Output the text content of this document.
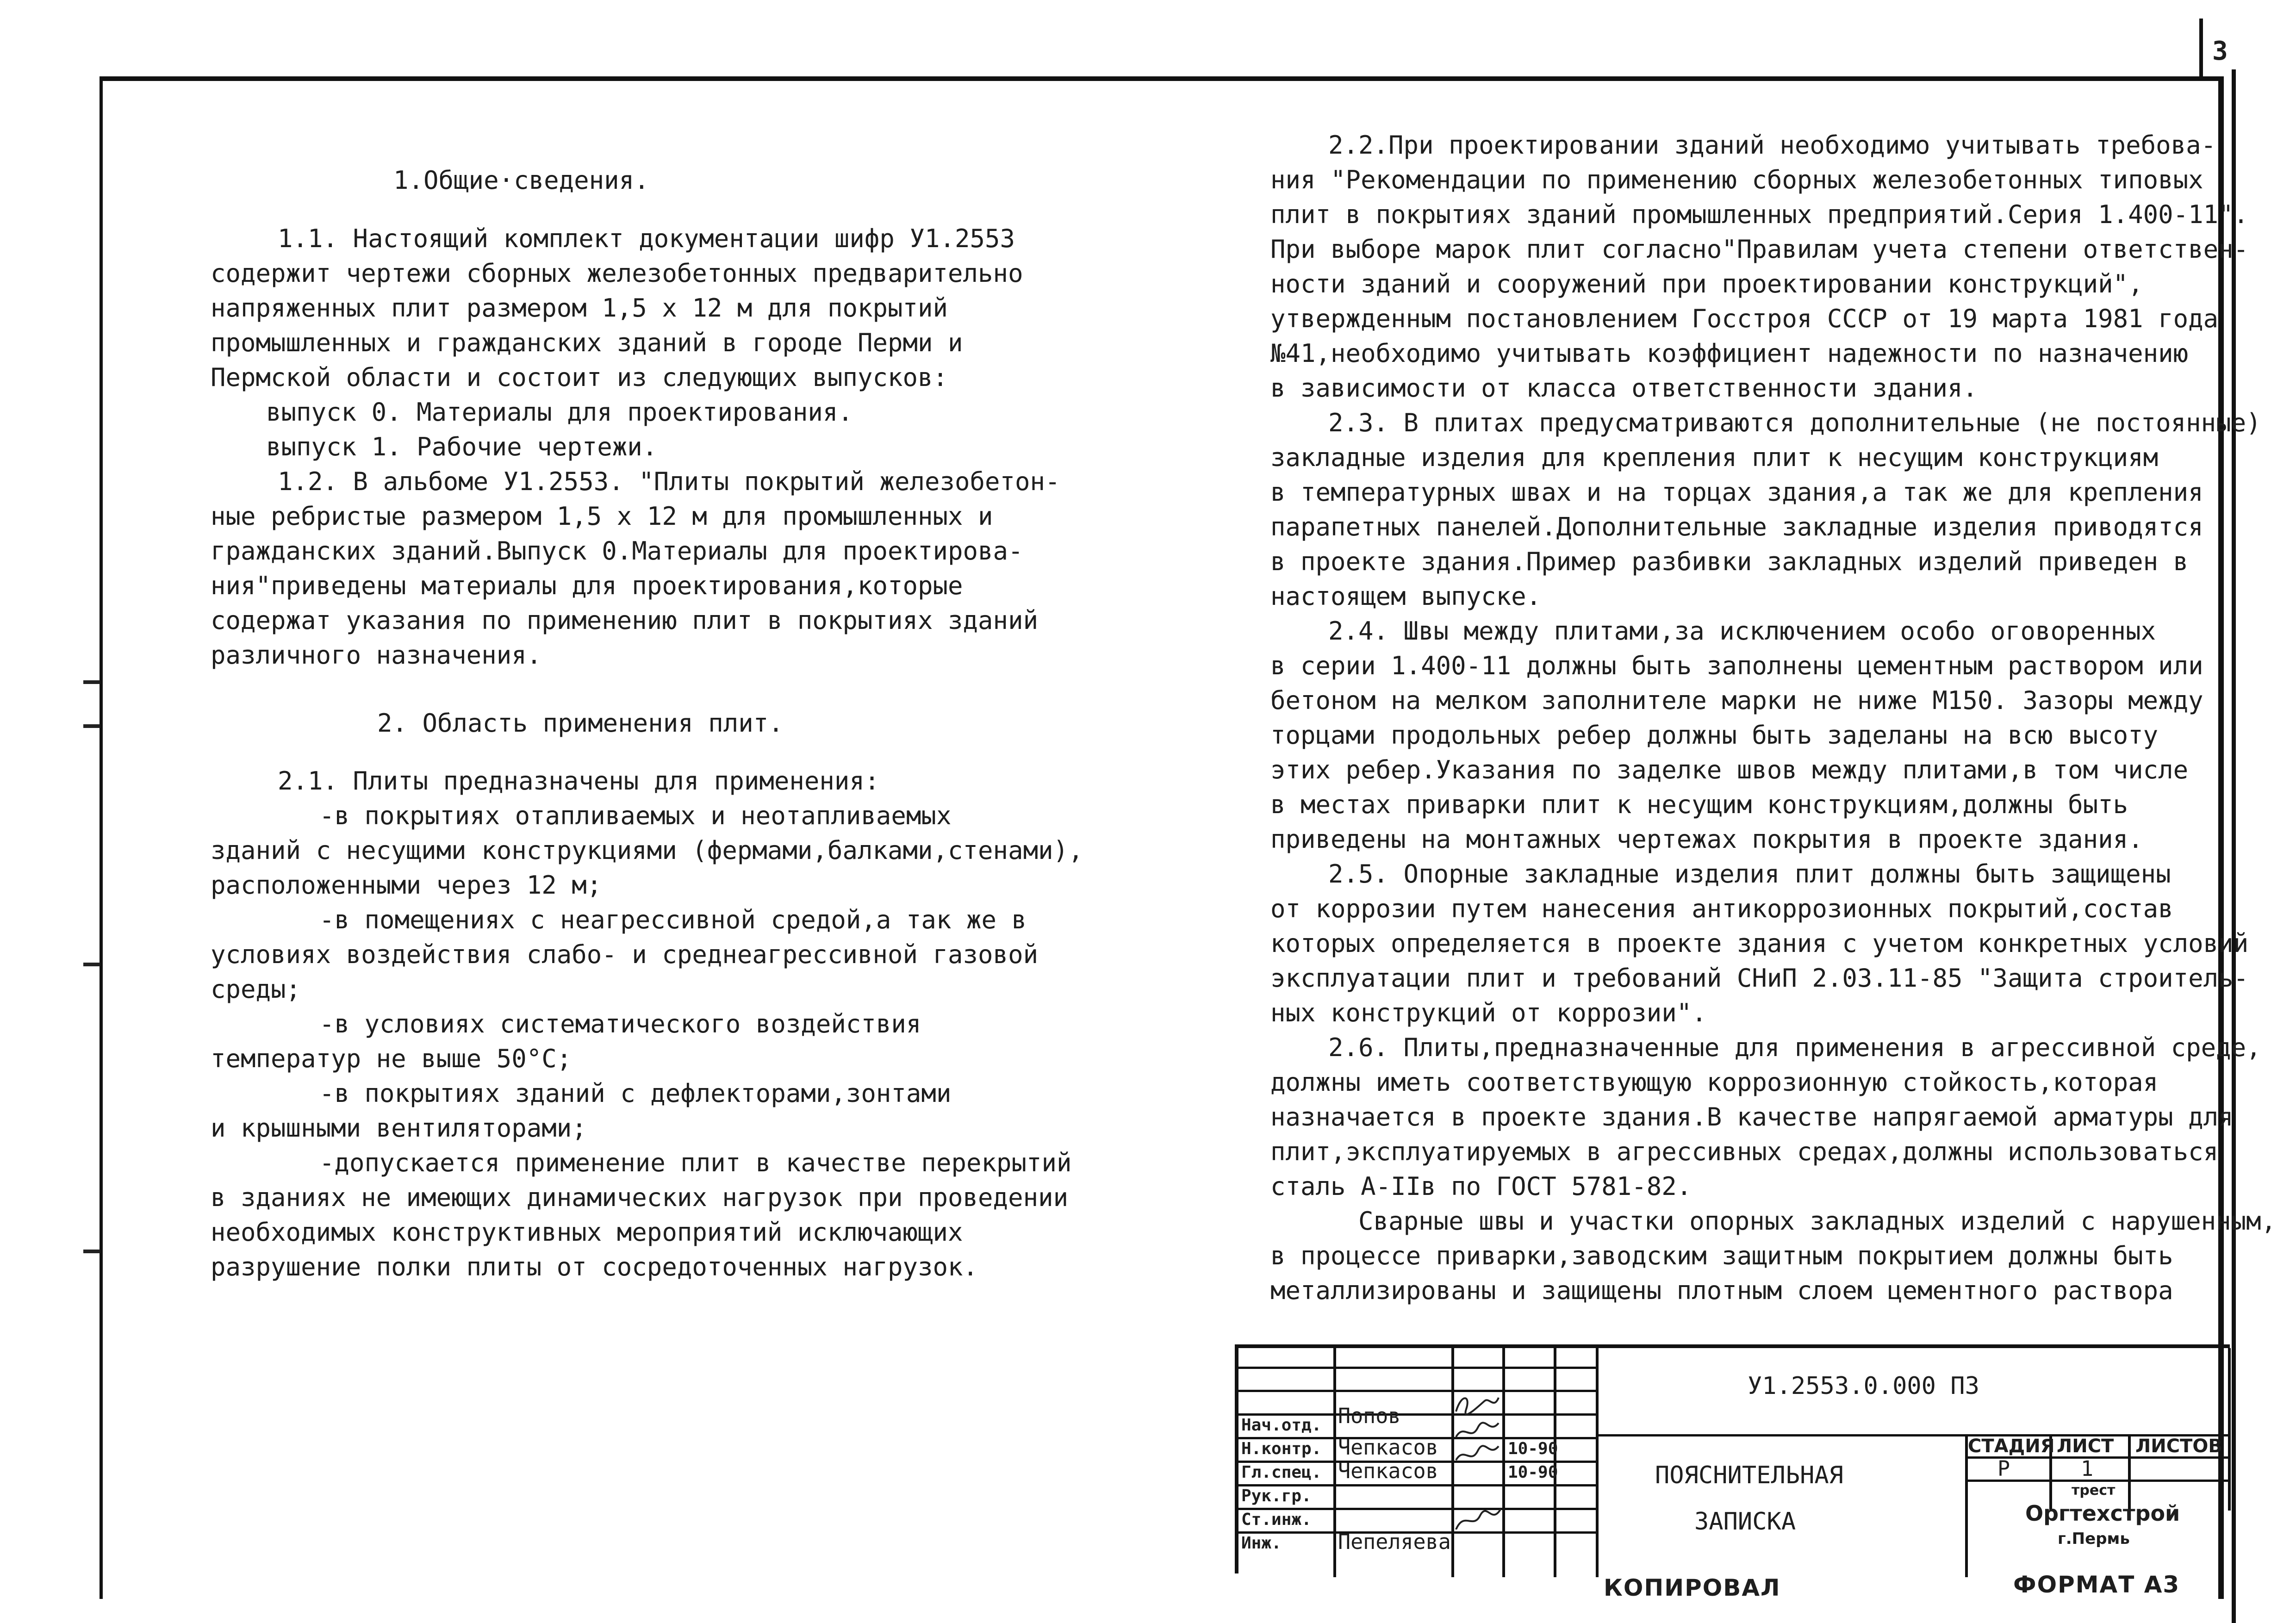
3
1.Общие·сведения.
1.1. Настоящий комплект документации шифр У1.2553
содержит чертежи сборных железобетонных предварительно
напряженных плит размером 1,5 х 12 м для покрытий
промышленных и гражданских зданий в городе Перми и
Пермской области и состоит из следующих выпусков:
выпуск 0. Материалы для проектирования.
выпуск 1. Рабочие чертежи.
1.2. В альбоме У1.2553. "Плиты покрытий железобетон-
ные ребристые размером 1,5 х 12 м для промышленных и
гражданских зданий.Выпуск 0.Материалы для проектирова-
ния"приведены материалы для проектирования,которые
содержат указания по применению плит в покрытиях зданий
различного назначения.
2. Область применения плит.
2.1. Плиты предназначены для применения:
-в покрытиях отапливаемых и неотапливаемых
зданий с несущими конструкциями (фермами,балками,стенами),
расположенными через 12 м;
-в помещениях с неагрессивной средой,а так же в
условиях воздействия слабо- и среднеагрессивной газовой
среды;
-в условиях систематического воздействия
температур не выше 50°С;
-в покрытиях зданий с дефлекторами,зонтами
и крышными вентиляторами;
-допускается применение плит в качестве перекрытий
в зданиях не имеющих динамических нагрузок при проведении
необходимых конструктивных мероприятий исключающих
разрушение полки плиты от сосредоточенных нагрузок.
2.2.При проектировании зданий необходимо учитывать требова-
ния "Рекомендации по применению сборных железобетонных типовых
плит в покрытиях зданий промышленных предприятий.Серия 1.400-11".
При выборе марок плит согласно"Правилам учета степени ответствен-
ности зданий и сооружений при проектировании конструкций",
утвержденным постановлением Госстроя СССР от 19 марта 1981 года
№41,необходимо учитывать коэффициент надежности по назначению
в зависимости от класса ответственности здания.
2.3. В плитах предусматриваются дополнительные (не постоянные)
закладные изделия для крепления плит к несущим конструкциям
в температурных швах и на торцах здания,а так же для крепления
парапетных панелей.Дополнительные закладные изделия приводятся
в проекте здания.Пример разбивки закладных изделий приведен в
настоящем выпуске.
2.4. Швы между плитами,за исключением особо оговоренных
в серии 1.400-11 должны быть заполнены цементным раствором или
бетоном на мелком заполнителе марки не ниже М150. Зазоры между
торцами продольных ребер должны быть заделаны на всю высоту
этих ребер.Указания по заделке швов между плитами,в том числе
в местах приварки плит к несущим конструкциям,должны быть
приведены на монтажных чертежах покрытия в проекте здания.
2.5. Опорные закладные изделия плит должны быть защищены
от коррозии путем нанесения антикоррозионных покрытий,состав
которых определяется в проекте здания с учетом конкретных условий
эксплуатации плит и требований СНиП 2.03.11-85 "Защита строитель-
ных конструкций от коррозии".
2.6. Плиты,предназначенные для применения в агрессивной среде,
должны иметь соответствующую коррозионную стойкость,которая
назначается в проекте здания.В качестве напрягаемой арматуры для
плит,эксплуатируемых в агрессивных средах,должны использоваться
сталь А-IIв по ГОСТ 5781-82.
Сварные швы и участки опорных закладных изделий с нарушенным,
в процессе приварки,заводским защитным покрытием должны быть
металлизированы и защищены плотным слоем цементного раствора
У1.2553.0.000 ПЗ
Нач.отд. Попов
Н.контр. Чепкасов	10-90
Гл.спец. Чепкасов	10-90
Рук.гр.
Ст.инж.
Инж.	Пепеляева
ПОЯСНИТЕЛЬНАЯ
ЗАПИСКА
СТАДИЯ ЛИСТ ЛИСТОВ
Р	1
трест
Оргтехстрой
г.Пермь
КОПИРОВАЛ	ФОРМАТ А3
